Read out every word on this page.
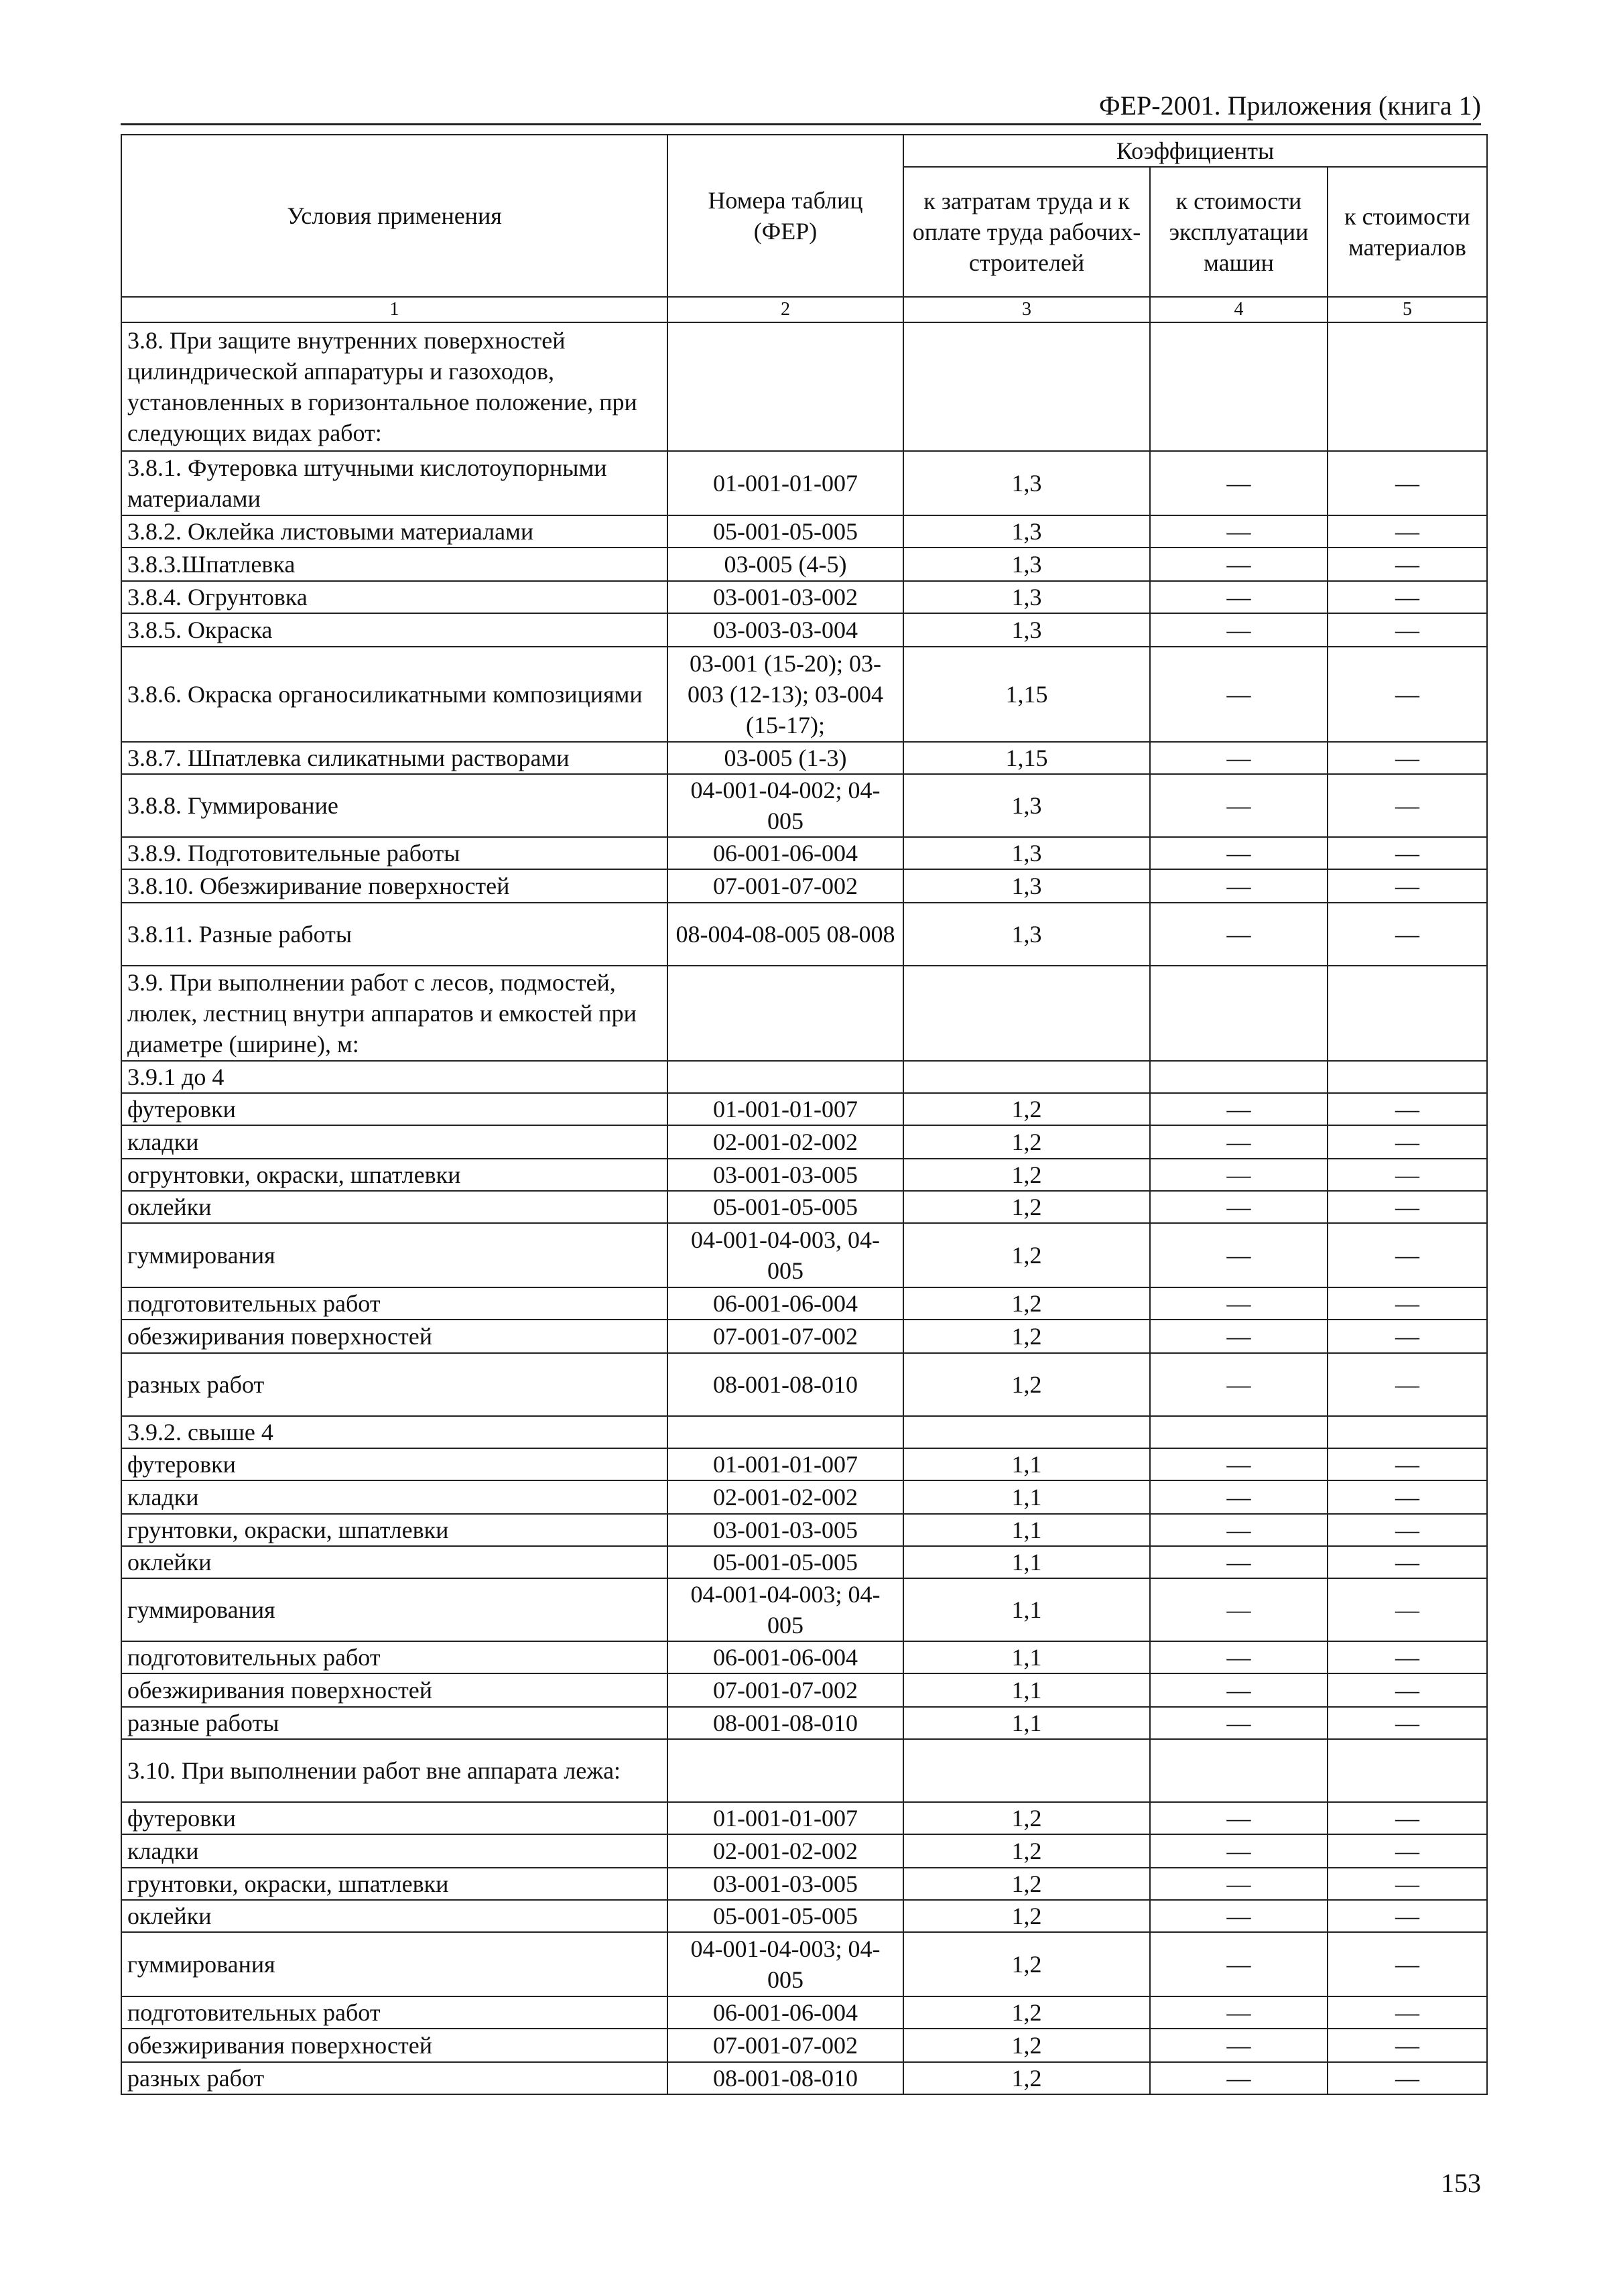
ФЕР-2001. Приложения (книга 1)
Условия применения	Номера таблиц (ФЕР)	Коэффициенты		
		к затратам труда и к оплате труда рабочих-строителей	к стоимости эксплуатации машин	к стоимости материалов
1	2	3	4	5
3.8. При защите внутренних поверхностей цилиндрической аппаратуры и газоходов, установленных в горизонтальное положение, при следующих видах работ:				
3.8.1. Футеровка штучными кислотоупорными материалами	01-001-01-007	1,3	—	—
3.8.2. Оклейка листовыми материалами	05-001-05-005	1,3	—	—
3.8.3.Шпатлевка	03-005 (4-5)	1,3	—	—
3.8.4. Огрунтовка	03-001-03-002	1,3	—	—
3.8.5. Окраска	03-003-03-004	1,3	—	—
3.8.6. Окраска органосиликатными композициями	03-001 (15-20); 03-003 (12-13); 03-004 (15-17);	1,15	—	—
3.8.7. Шпатлевка силикатными растворами	03-005 (1-3)	1,15	—	—
3.8.8. Гуммирование	04-001-04-002; 04-005	1,3	—	—
3.8.9. Подготовительные работы	06-001-06-004	1,3	—	—
3.8.10. Обезжиривание поверхностей	07-001-07-002	1,3	—	—
3.8.11. Разные работы	08-004-08-005 08-008	1,3	—	—
3.9. При выполнении работ с лесов, подмостей, люлек, лестниц внутри аппаратов и емкостей при диаметре (ширине), м:				
3.9.1 до 4				
футеровки	01-001-01-007	1,2	—	—
кладки	02-001-02-002	1,2	—	—
огрунтовки, окраски, шпатлевки	03-001-03-005	1,2	—	—
оклейки	05-001-05-005	1,2	—	—
гуммирования	04-001-04-003, 04-005	1,2	—	—
подготовительных работ	06-001-06-004	1,2	—	—
обезжиривания поверхностей	07-001-07-002	1,2	—	—
разных работ	08-001-08-010	1,2	—	—
3.9.2. свыше 4				
футеровки	01-001-01-007	1,1	—	—
кладки	02-001-02-002	1,1	—	—
грунтовки, окраски, шпатлевки	03-001-03-005	1,1	—	—
оклейки	05-001-05-005	1,1	—	—
гуммирования	04-001-04-003; 04-005	1,1	—	—
подготовительных работ	06-001-06-004	1,1	—	—
обезжиривания поверхностей	07-001-07-002	1,1	—	—
разные работы	08-001-08-010	1,1	—	—
3.10. При выполнении работ вне аппарата лежа:				
футеровки	01-001-01-007	1,2	—	—
кладки	02-001-02-002	1,2	—	—
грунтовки, окраски, шпатлевки	03-001-03-005	1,2	—	—
оклейки	05-001-05-005	1,2	—	—
гуммирования	04-001-04-003; 04-005	1,2	—	—
подготовительных работ	06-001-06-004	1,2	—	—
обезжиривания поверхностей	07-001-07-002	1,2	—	—
разных работ	08-001-08-010	1,2	—	—
153
